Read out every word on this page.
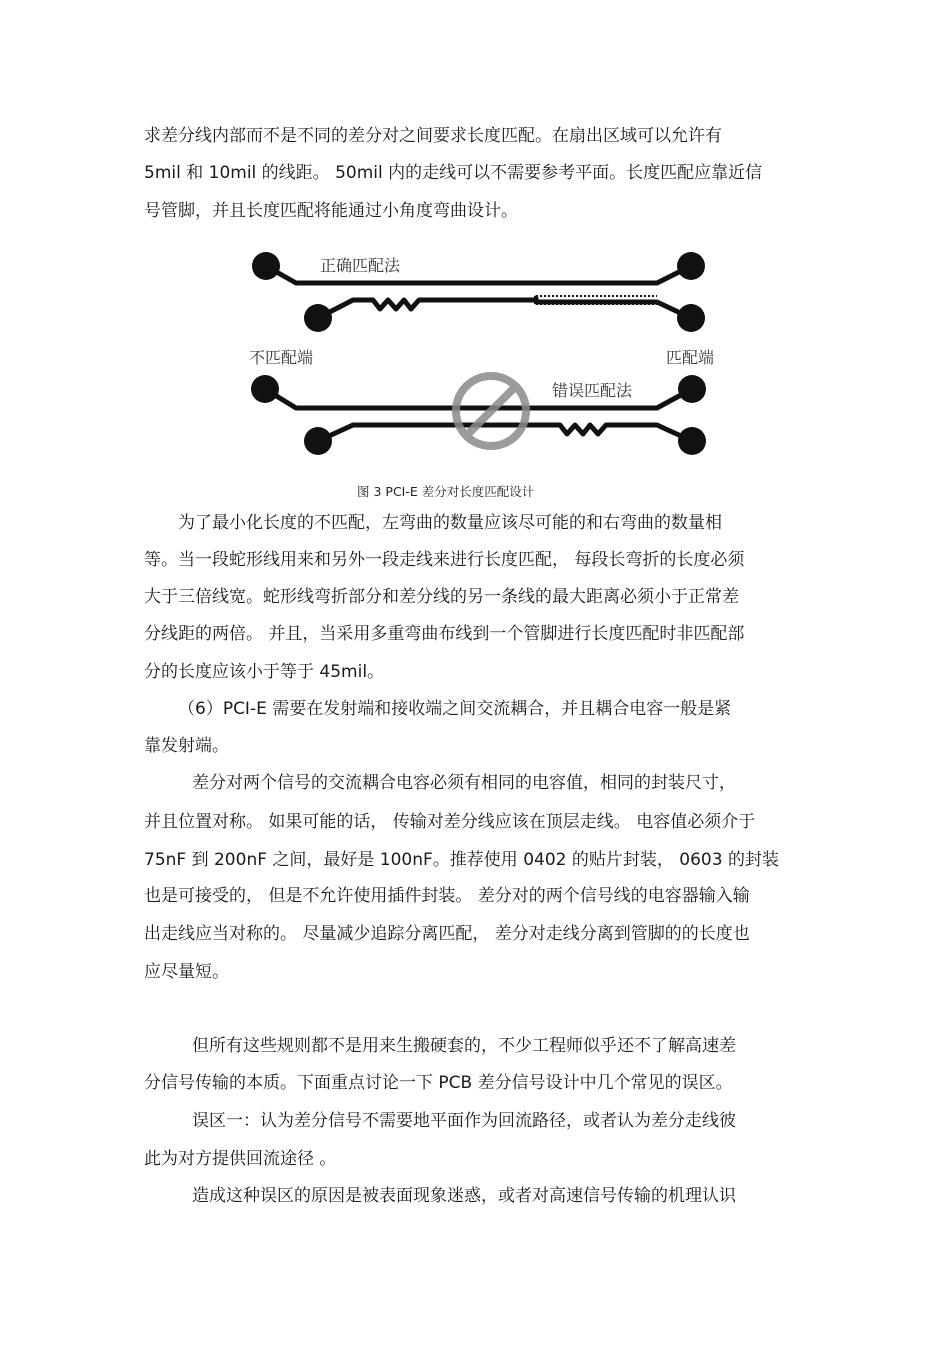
求差分线内部而不是不同的差分对之间要求长度匹配。在扇出区域可以允许有
5mil 和 10mil 的线距。 50mil 内的走线可以不需要参考平面。长度匹配应靠近信
号管脚，并且长度匹配将能通过小角度弯曲设计。
正确匹配法
错误匹配法
不匹配端	匹配端
图 3 PCI-E 差分对长度匹配设计
为了最小化长度的不匹配，左弯曲的数量应该尽可能的和右弯曲的数量相
等。当一段蛇形线用来和另外一段走线来进行长度匹配， 每段长弯折的长度必须
大于三倍线宽。蛇形线弯折部分和差分线的另一条线的最大距离必须小于正常差
分线距的两倍。 并且，当采用多重弯曲布线到一个管脚进行长度匹配时非匹配部
分的长度应该小于等于 45mil。
（6）PCI-E 需要在发射端和接收端之间交流耦合，并且耦合电容一般是紧
靠发射端。
差分对两个信号的交流耦合电容必须有相同的电容值，相同的封装尺寸，
并且位置对称。 如果可能的话， 传输对差分线应该在顶层走线。 电容值必须介于
75nF 到 200nF 之间，最好是 100nF。推荐使用 0402 的贴片封装， 0603 的封装
也是可接受的， 但是不允许使用插件封装。 差分对的两个信号线的电容器输入输
出走线应当对称的。 尽量减少追踪分离匹配， 差分对走线分离到管脚的的长度也
应尽量短。
但所有这些规则都不是用来生搬硬套的，不少工程师似乎还不了解高速差
分信号传输的本质。下面重点讨论一下 PCB 差分信号设计中几个常见的误区。
误区一：认为差分信号不需要地平面作为回流路径，或者认为差分走线彼
此为对方提供回流途径 。
造成这种误区的原因是被表面现象迷惑，或者对高速信号传输的机理认识
